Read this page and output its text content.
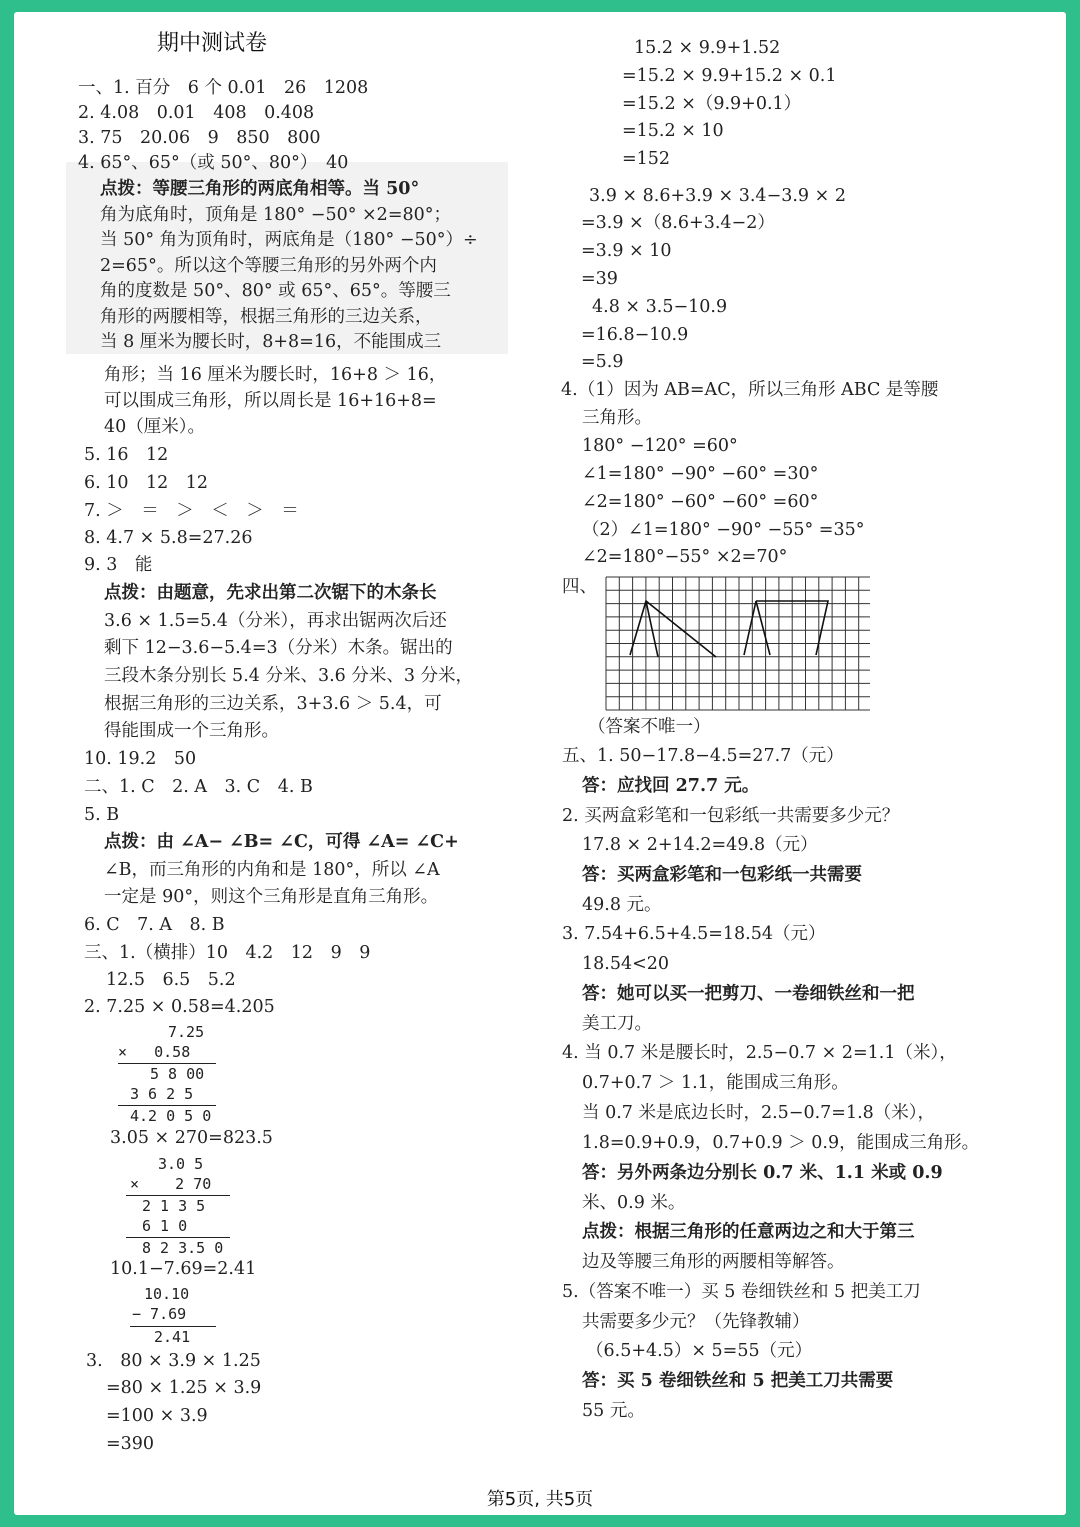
期中测试卷
一、1. 百分　6 个 0.01　26　1208
2. 4.08　0.01　408　0.408
3. 75　20.06　9　850　800
4. 65°、65°（或 50°、80°）　40
点拨：等腰三角形的两底角相等。当 50°
角为底角时，顶角是 180° −50° ×2=80°；
当 50° 角为顶角时，两底角是（180° −50°）÷
2=65°。所以这个等腰三角形的另外两个内
角的度数是 50°、80° 或 65°、65°。等腰三
角形的两腰相等，根据三角形的三边关系，
当 8 厘米为腰长时，8+8=16，不能围成三
角形；当 16 厘米为腰长时，16+8 ＞ 16，
可以围成三角形，所以周长是 16+16+8=
40（厘米）。
5. 16　12
6. 10　12　12
7. ＞　＝　＞　＜　＞　＝
8. 4.7 × 5.8=27.26
9. 3　能
点拨：由题意，先求出第二次锯下的木条长
3.6 × 1.5=5.4（分米），再求出锯两次后还
剩下 12−3.6−5.4=3（分米）木条。锯出的
三段木条分别长 5.4 分米、3.6 分米、3 分米，
根据三角形的三边关系，3+3.6 ＞ 5.4，可
得能围成一个三角形。
10. 19.2　50
二、1. C　2. A　3. C　4. B
5. B
点拨：由 ∠A− ∠B= ∠C，可得 ∠A= ∠C+
∠B，而三角形的内角和是 180°，所以 ∠A
一定是 90°，则这个三角形是直角三角形。
6. C　7. A　8. B
三、1.（横排）10　4.2　12　9　9
12.5　6.5　5.2
2. 7.25 × 0.58=4.205
3.05 × 270=823.5
10.1−7.69=2.41
3.　80 × 3.9 × 1.25
=80 × 1.25 × 3.9
=100 × 3.9
=390
15.2 × 9.9+1.52
=15.2 × 9.9+15.2 × 0.1
=15.2 ×（9.9+0.1）
=15.2 × 10
=152
3.9 × 8.6+3.9 × 3.4−3.9 × 2
=3.9 ×（8.6+3.4−2）
=3.9 × 10
=39
4.8 × 3.5−10.9
=16.8−10.9
=5.9
4.（1）因为 AB=AC，所以三角形 ABC 是等腰
三角形。
180° −120° =60°
∠1=180° −90° −60° =30°
∠2=180° −60° −60° =60°
（2）∠1=180° −90° −55° =35°
∠2=180°−55° ×2=70°
四、
（答案不唯一）
五、1. 50−17.8−4.5=27.7（元）
答：应找回 27.7 元。
2. 买两盒彩笔和一包彩纸一共需要多少元？
17.8 × 2+14.2=49.8（元）
答：买两盒彩笔和一包彩纸一共需要
49.8 元。
3. 7.54+6.5+4.5=18.54（元）
18.54<20
答：她可以买一把剪刀、一卷细铁丝和一把
美工刀。
4. 当 0.7 米是腰长时，2.5−0.7 × 2=1.1（米），
0.7+0.7 ＞ 1.1，能围成三角形。
当 0.7 米是底边长时，2.5−0.7=1.8（米），
1.8=0.9+0.9，0.7+0.9 ＞ 0.9，能围成三角形。
答：另外两条边分别长 0.7 米、1.1 米或 0.9
米、0.9 米。
点拨：根据三角形的任意两边之和大于第三
边及等腰三角形的两腰相等解答。
5.（答案不唯一）买 5 卷细铁丝和 5 把美工刀
共需要多少元？（先锋教辅）
（6.5+4.5）× 5=55（元）
答：买 5 卷细铁丝和 5 把美工刀共需要
55 元。
7.25
×   0.58
5 8 00
3 6 2 5
4.2 0 5 0
3.0 5
×    2 70
2 1 3 5
6 1 0
8 2 3.5 0
10.10
− 7.69
2.41
第5页, 共5页
